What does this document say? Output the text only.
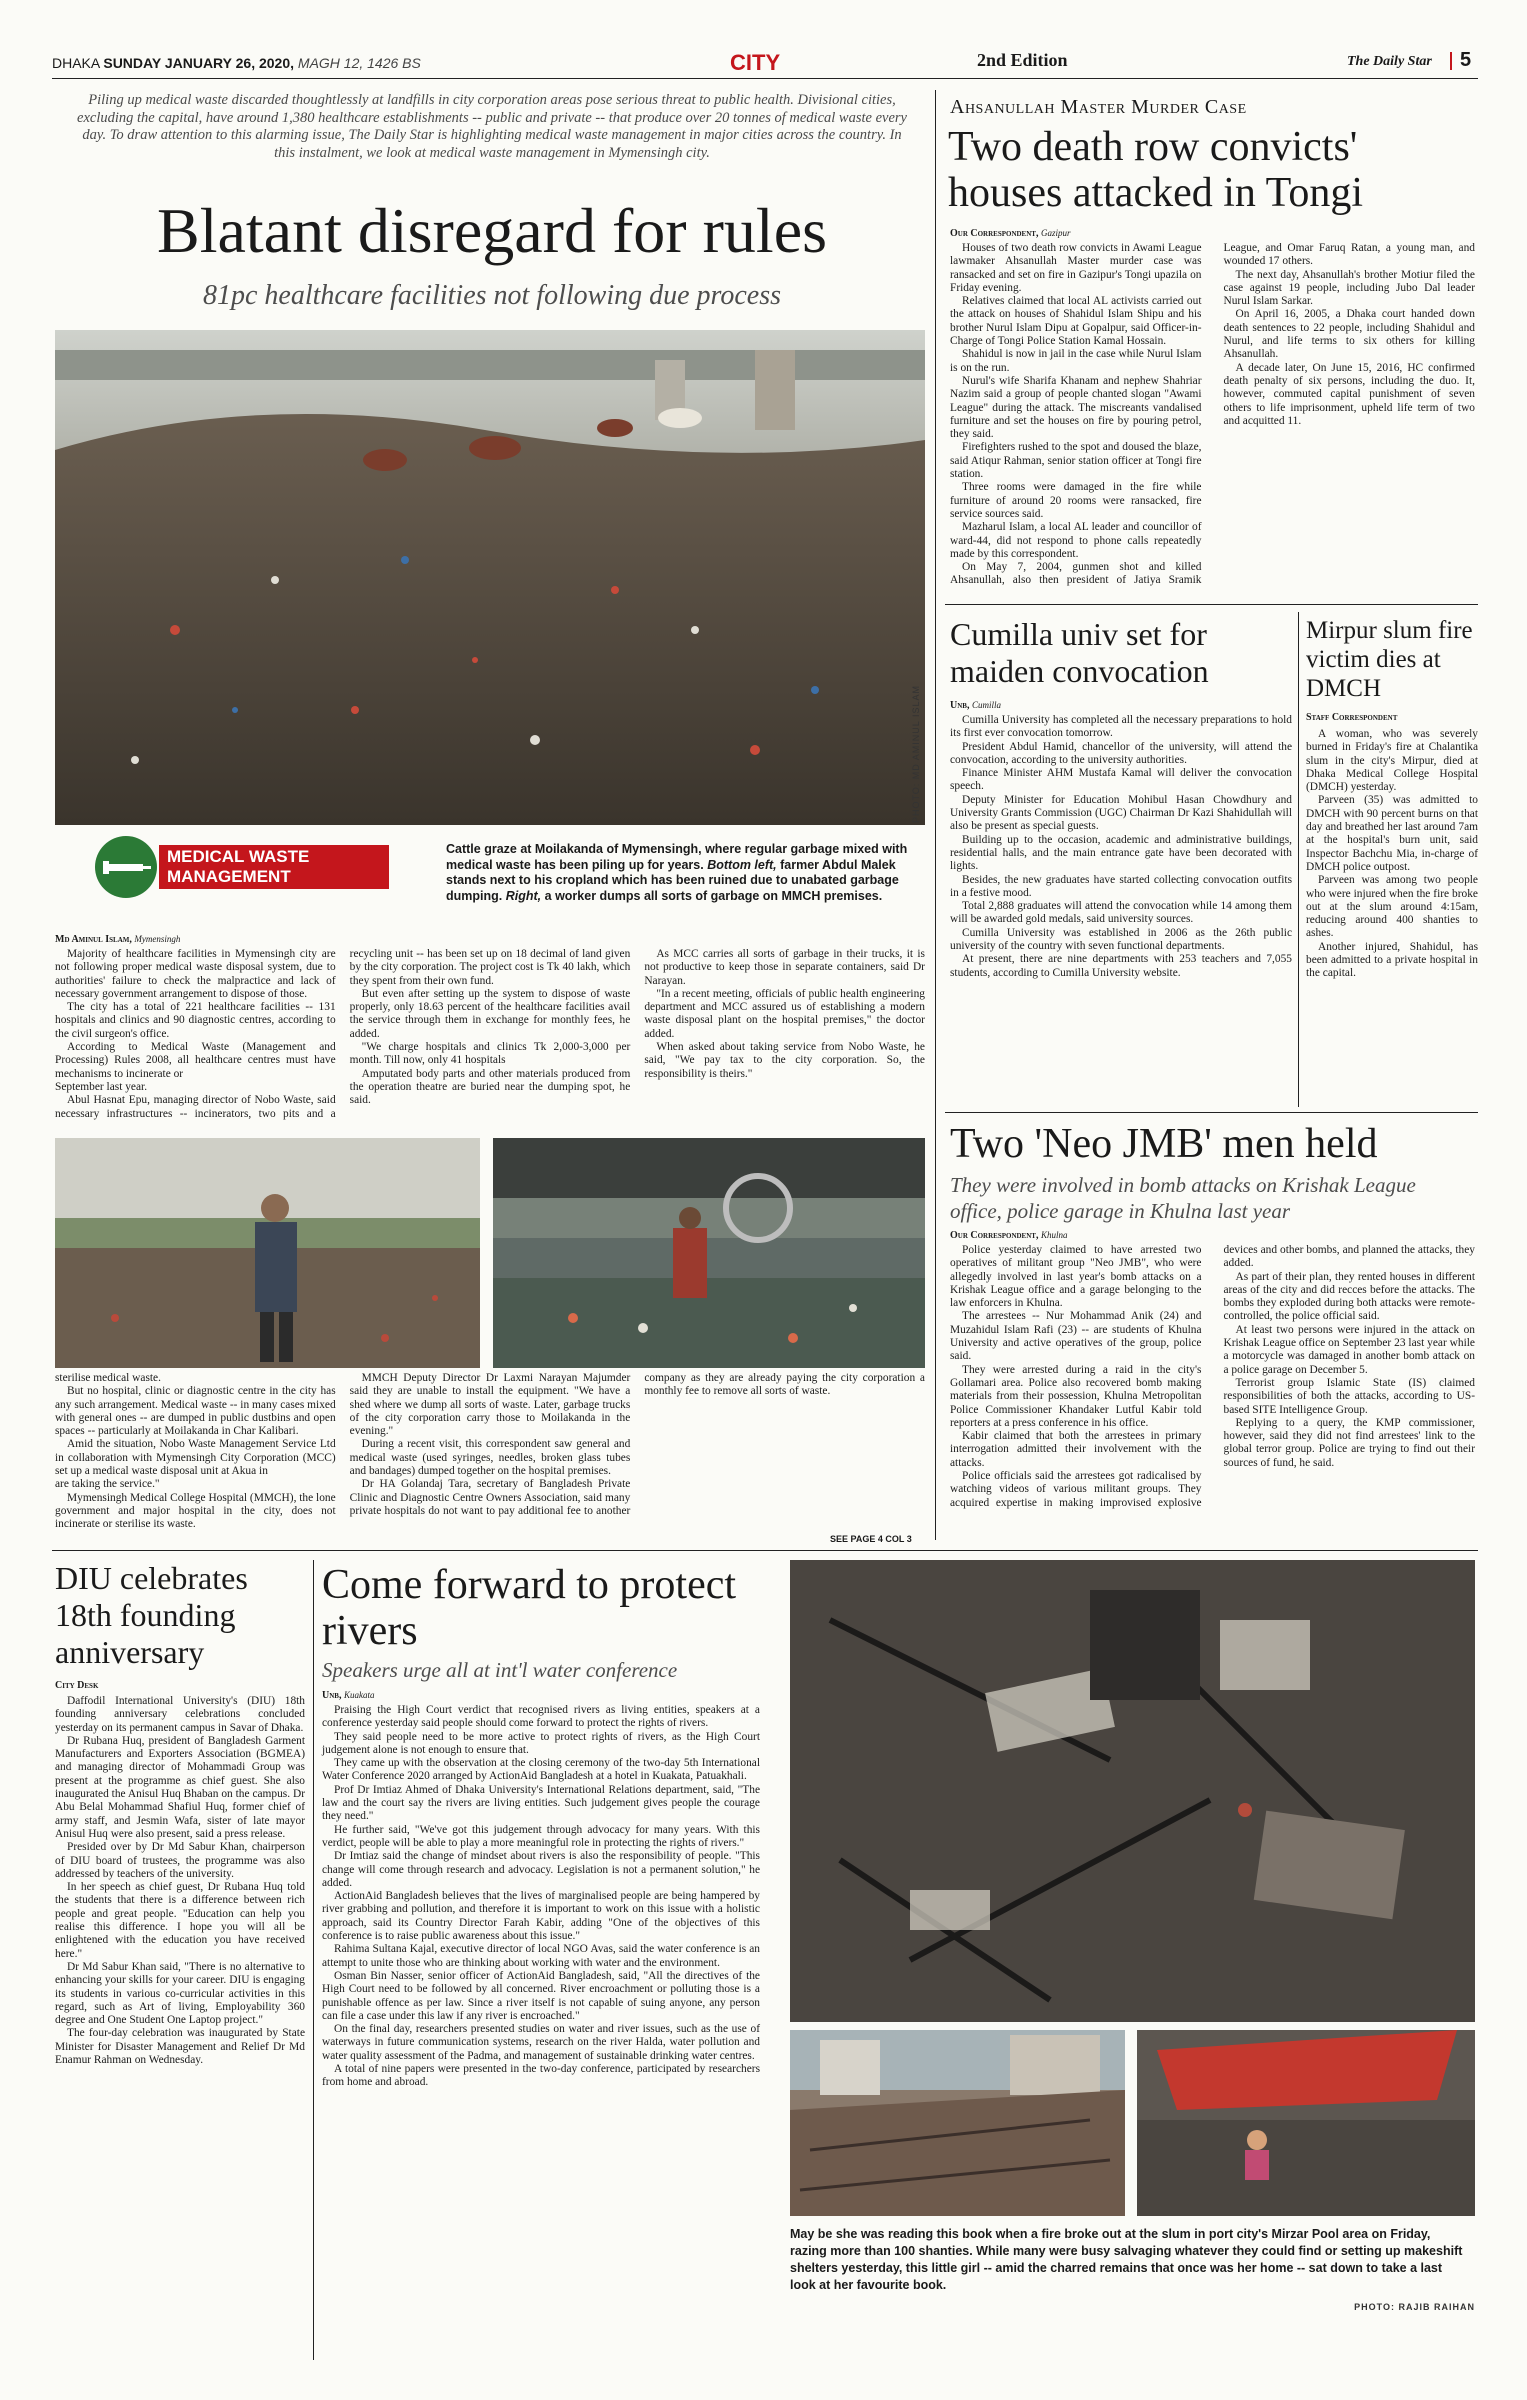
DHAKA SUNDAY JANUARY 26, 2020, MAGH 12, 1426 BS	CITY	2nd Edition	The Daily Star 5
Piling up medical waste discarded thoughtlessly at landfills in city corporation areas pose serious threat to public health. Divisional cities, excluding the capital, have around 1,380 healthcare establishments -- public and private -- that produce over 20 tonnes of medical waste every day. To draw attention to this alarming issue, The Daily Star is highlighting medical waste management in major cities across the country. In this instalment, we look at medical waste management in Mymensingh city.
Blatant disregard for rules
81pc healthcare facilities not following due process
PHOTO: MD AMINUL ISLAM
MEDICAL WASTE MANAGEMENT
Cattle graze at Moilakanda of Mymensingh, where regular garbage mixed with medical waste has been piling up for years. Bottom left, farmer Abdul Malek stands next to his cropland which has been ruined due to unabated garbage dumping. Right, a worker dumps all sorts of garbage on MMCH premises.
Md Aminul Islam, Mymensingh

Majority of healthcare facilities in Mymensingh city are not following proper medical waste disposal system, due to authorities' failure to check the malpractice and lack of necessary government arrangement to dispose of those.

The city has a total of 221 healthcare facilities -- 131 hospitals and clinics and 90 diagnostic centres, according to the civil surgeon's office.

According to Medical Waste (Management and Processing) Rules 2008, all healthcare centres must have mechanisms to incinerate or

September last year.

Abul Hasnat Epu, managing director of Nobo Waste, said necessary infrastructures -- incinerators, two pits and a recycling unit -- has been set up on 18 decimal of land given by the city corporation. The project cost is Tk 40 lakh, which they spent from their own fund.

But even after setting up the system to dispose of waste properly, only 18.63 percent of the healthcare facilities avail the service through them in exchange for monthly fees, he added.

"We charge hospitals and clinics Tk 2,000-3,000 per month. Till now, only 41 hospitals

Amputated body parts and other materials produced from the operation theatre are buried near the dumping spot, he said.

As MCC carries all sorts of garbage in their trucks, it is not productive to keep those in separate containers, said Dr Narayan.

"In a recent meeting, officials of public health engineering department and MCC assured us of establishing a modern waste disposal plant on the hospital premises," the doctor added.

When asked about taking service from Nobo Waste, he said, "We pay tax to the city corporation. So, the responsibility is theirs."

sterilise medical waste.

But no hospital, clinic or diagnostic centre in the city has any such arrangement. Medical waste -- in many cases mixed with general ones -- are dumped in public dustbins and open spaces -- particularly at Moilakanda in Char Kalibari.

Amid the situation, Nobo Waste Management Service Ltd in collaboration with Mymensingh City Corporation (MCC) set up a medical waste disposal unit at Akua in

are taking the service."

Mymensingh Medical College Hospital (MMCH), the lone government and major hospital in the city, does not incinerate or sterilise its waste.

MMCH Deputy Director Dr Laxmi Narayan Majumder said they are unable to install the equipment. "We have a shed where we dump all sorts of waste. Later, garbage trucks of the city corporation carry those to Moilakanda in the evening."

During a recent visit, this correspondent saw general and medical waste (used syringes, needles, broken glass tubes and bandages) dumped together on the hospital premises.

Dr HA Golandaj Tara, secretary of Bangladesh Private Clinic and Diagnostic Centre Owners Association, said many private hospitals do not want to pay additional fee to another company as they are already paying the city corporation a monthly fee to remove all sorts of waste.

SEE PAGE 4 COL 3
Ahsanullah Master Murder Case
Two death row convicts' houses attacked in Tongi
Our Correspondent, Gazipur

Houses of two death row convicts in Awami League lawmaker Ahsanullah Master murder case was ransacked and set on fire in Gazipur's Tongi upazila on Friday evening.

Relatives claimed that local AL activists carried out the attack on houses of Shahidul Islam Shipu and his brother Nurul Islam Dipu at Gopalpur, said Officer-in-Charge of Tongi Police Station Kamal Hossain.

Shahidul is now in jail in the case while Nurul Islam is on the run.

Nurul's wife Sharifa Khanam and nephew Shahriar Nazim said a group of people chanted slogan "Awami League" during the attack. The miscreants vandalised furniture and set the houses on fire by pouring petrol, they said.

Firefighters rushed to the spot and doused the blaze, said Atiqur Rahman, senior station officer at Tongi fire station.

Three rooms were damaged in the fire while furniture of around 20 rooms were ransacked, fire service sources said.

Mazharul Islam, a local AL leader and councillor of ward-44, did not respond to phone calls repeatedly made by this correspondent.

On May 7, 2004, gunmen shot and killed Ahsanullah, also then president of Jatiya Sramik League, and Omar Faruq Ratan, a young man, and wounded 17 others.

The next day, Ahsanullah's brother Motiur filed the case against 19 people, including Jubo Dal leader Nurul Islam Sarkar.

On April 16, 2005, a Dhaka court handed down death sentences to 22 people, including Shahidul and Nurul, and life terms to six others for killing Ahsanullah.

A decade later, On June 15, 2016, HC confirmed death penalty of six persons, including the duo. It, however, commuted capital punishment of seven others to life imprisonment, upheld life term of two and acquitted 11.

Cumilla univ set for maiden convocation
Unb, Cumilla

Cumilla University has completed all the necessary preparations to hold its first ever convocation tomorrow.

President Abdul Hamid, chancellor of the university, will attend the convocation, according to the university authorities.

Finance Minister AHM Mustafa Kamal will deliver the convocation speech.

Deputy Minister for Education Mohibul Hasan Chowdhury and University Grants Commission (UGC) Chairman Dr Kazi Shahidullah will also be present as special guests.

Building up to the occasion, academic and administrative buildings, residential halls, and the main entrance gate have been decorated with lights.

Besides, the new graduates have started collecting convocation outfits in a festive mood.

Total 2,888 graduates will attend the convocation while 14 among them will be awarded gold medals, said university sources.

Cumilla University was established in 2006 as the 26th public university of the country with seven functional departments.

At present, there are nine departments with 253 teachers and 7,055 students, according to Cumilla University website.

Mirpur slum fire victim dies at DMCH
Staff Correspondent

A woman, who was severely burned in Friday's fire at Chalantika slum in the city's Mirpur, died at Dhaka Medical College Hospital (DMCH) yesterday.

Parveen (35) was admitted to DMCH with 90 percent burns on that day and breathed her last around 7am at the hospital's burn unit, said Inspector Bachchu Mia, in-charge of DMCH police outpost.

Parveen was among two people who were injured when the fire broke out at the slum around 4:15am, reducing around 400 shanties to ashes.

Another injured, Shahidul, has been admitted to a private hospital in the capital.

Two 'Neo JMB' men held
They were involved in bomb attacks on Krishak League office, police garage in Khulna last year
Our Correspondent, Khulna

Police yesterday claimed to have arrested two operatives of militant group "Neo JMB", who were allegedly involved in last year's bomb attacks on a Krishak League office and a garage belonging to the law enforcers in Khulna.

The arrestees -- Nur Mohammad Anik (24) and Muzahidul Islam Rafi (23) -- are students of Khulna University and active operatives of the group, police said.

They were arrested during a raid in the city's Gollamari area. Police also recovered bomb making materials from their possession, Khulna Metropolitan Police Commissioner Khandaker Lutful Kabir told reporters at a press conference in his office.

Kabir claimed that both the arrestees in primary interrogation admitted their involvement with the attacks.

Police officials said the arrestees got radicalised by watching videos of various militant groups. They acquired expertise in making improvised explosive devices and other bombs, and planned the attacks, they added.

As part of their plan, they rented houses in different areas of the city and did recces before the attacks. The bombs they exploded during both attacks were remote-controlled, the police official said.

At least two persons were injured in the attack on Krishak League office on September 23 last year while a motorcycle was damaged in another bomb attack on a police garage on December 5.

Terrorist group Islamic State (IS) claimed responsibilities of both the attacks, according to US-based SITE Intelligence Group.

Replying to a query, the KMP commissioner, however, said they did not find arrestees' link to the global terror group. Police are trying to find out their sources of fund, he said.

DIU celebrates 18th founding anniversary
City Desk

Daffodil International University's (DIU) 18th founding anniversary celebrations concluded yesterday on its permanent campus in Savar of Dhaka.

Dr Rubana Huq, president of Bangladesh Garment Manufacturers and Exporters Association (BGMEA) and managing director of Mohammadi Group was present at the programme as chief guest. She also inaugurated the Anisul Huq Bhaban on the campus. Dr Abu Belal Mohammad Shafiul Huq, former chief of army staff, and Jesmin Wafa, sister of late mayor Anisul Huq were also present, said a press release.

Presided over by Dr Md Sabur Khan, chairperson of DIU board of trustees, the programme was also addressed by teachers of the university.

In her speech as chief guest, Dr Rubana Huq told the students that there is a difference between rich people and great people. "Education can help you realise this difference. I hope you will all be enlightened with the education you have received here."

Dr Md Sabur Khan said, "There is no alternative to enhancing your skills for your career. DIU is engaging its students in various co-curricular activities in this regard, such as Art of living, Employability 360 degree and One Student One Laptop project."

The four-day celebration was inaugurated by State Minister for Disaster Management and Relief Dr Md Enamur Rahman on Wednesday.

Come forward to protect rivers
Speakers urge all at int'l water conference
Unb, Kuakata

Praising the High Court verdict that recognised rivers as living entities, speakers at a conference yesterday said people should come forward to protect the rights of rivers.

They said people need to be more active to protect rights of rivers, as the High Court judgement alone is not enough to ensure that.

They came up with the observation at the closing ceremony of the two-day 5th International Water Conference 2020 arranged by ActionAid Bangladesh at a hotel in Kuakata, Patuakhali.

Prof Dr Imtiaz Ahmed of Dhaka University's International Relations department, said, "The law and the court say the rivers are living entities. Such judgement gives people the courage they need."

He further said, "We've got this judgement through advocacy for many years. With this verdict, people will be able to play a more meaningful role in protecting the rights of rivers."

Dr Imtiaz said the change of mindset about rivers is also the responsibility of people. "This change will come through research and advocacy. Legislation is not a permanent solution," he added.

ActionAid Bangladesh believes that the lives of marginalised people are being hampered by river grabbing and pollution, and therefore it is important to work on this issue with a holistic approach, said its Country Director Farah Kabir, adding "One of the objectives of this conference is to raise public awareness about this issue."

Rahima Sultana Kajal, executive director of local NGO Avas, said the water conference is an attempt to unite those who are thinking about working with water and the environment.

Osman Bin Nasser, senior officer of ActionAid Bangladesh, said, "All the directives of the High Court need to be followed by all concerned. River encroachment or polluting those is a punishable offence as per law. Since a river itself is not capable of suing anyone, any person can file a case under this law if any river is encroached."

On the final day, researchers presented studies on water and river issues, such as the use of waterways in future communication systems, research on the river Halda, water pollution and water quality assessment of the Padma, and management of sustainable drinking water centres.

A total of nine papers were presented in the two-day conference, participated by researchers from home and abroad.

May be she was reading this book when a fire broke out at the slum in port city's Mirzar Pool area on Friday, razing more than 100 shanties. While many were busy salvaging whatever they could find or setting up makeshift shelters yesterday, this little girl -- amid the charred remains that once was her home -- sat down to take a last look at her favourite book.
PHOTO: RAJIB RAIHAN
